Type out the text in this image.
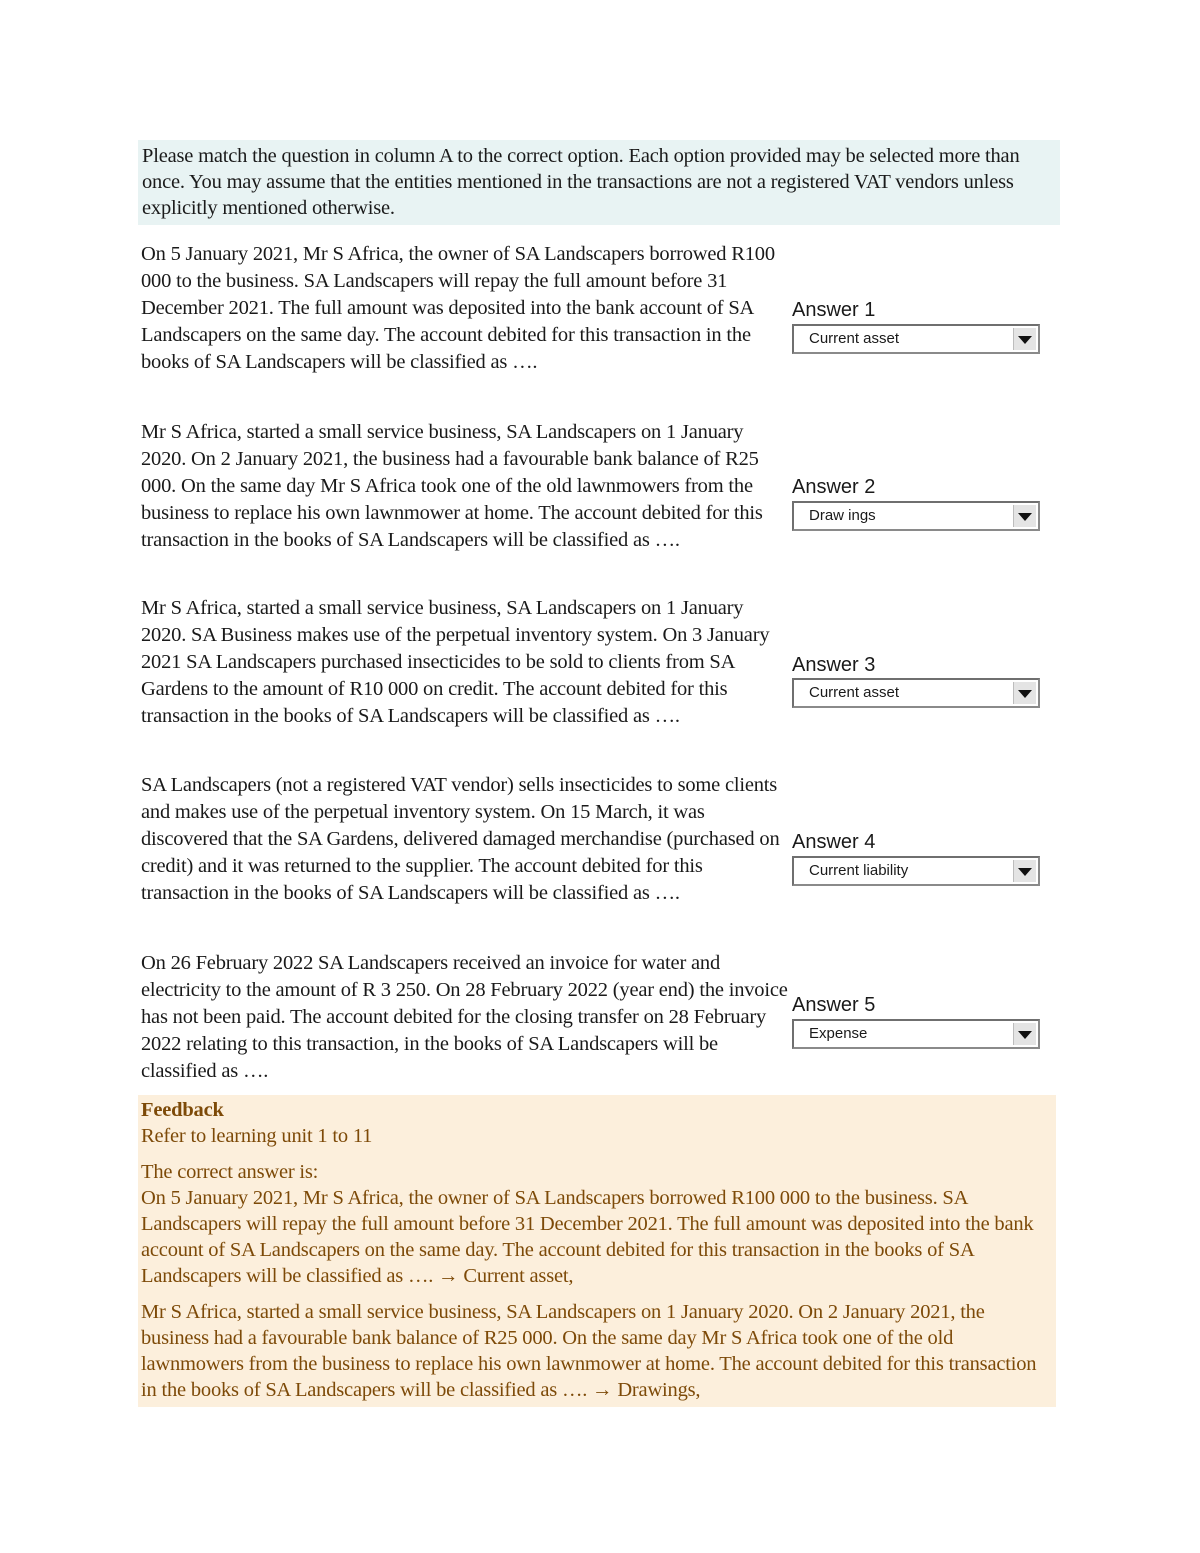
Please match the question in column A to the correct option. Each option provided may be selected more than once. You may assume that the entities mentioned in the transactions are not a registered VAT vendors unless explicitly mentioned otherwise.
On 5 January 2021, Mr S Africa, the owner of SA Landscapers borrowed R100 000 to the business. SA Landscapers will repay the full amount before 31 December 2021. The full amount was deposited into the bank account of SA Landscapers on the same day. The account debited for this transaction in the books of SA Landscapers will be classified as ….
Answer 1
Current asset
Mr S Africa, started a small service business, SA Landscapers on 1 January 2020. On 2 January 2021, the business had a favourable bank balance of R25 000. On the same day Mr S Africa took one of the old lawnmowers from the business to replace his own lawnmower at home. The account debited for this transaction in the books of SA Landscapers will be classified as ….
Answer 2
Draw ings
Mr S Africa, started a small service business, SA Landscapers on 1 January 2020. SA Business makes use of the perpetual inventory system. On 3 January 2021 SA Landscapers purchased insecticides to be sold to clients from SA Gardens to the amount of R10 000 on credit. The account debited for this transaction in the books of SA Landscapers will be classified as ….
Answer 3
Current asset
SA Landscapers (not a registered VAT vendor) sells insecticides to some clients and makes use of the perpetual inventory system. On 15 March, it was discovered that the SA Gardens, delivered damaged merchandise (purchased on credit) and it was returned to the supplier. The account debited for this transaction in the books of SA Landscapers will be classified as ….
Answer 4
Current liability
On 26 February 2022 SA Landscapers received an invoice for water and electricity to the amount of R 3 250. On 28 February 2022 (year end) the invoice has not been paid. The account debited for the closing transfer on 28 February 2022 relating to this transaction, in the books of SA Landscapers will be classified as ….
Answer 5
Expense

Feedback

Refer to learning unit 1 to 11

The correct answer is:

On 5 January 2021, Mr S Africa, the owner of SA Landscapers borrowed R100 000 to the business. SA Landscapers will repay the full amount before 31 December 2021. The full amount was deposited into the bank account of SA Landscapers on the same day. The account debited for this transaction in the books of SA Landscapers will be classified as …. → Current asset,

Mr S Africa, started a small service business, SA Landscapers on 1 January 2020. On 2 January 2021, the business had a favourable bank balance of R25 000. On the same day Mr S Africa took one of the old lawnmowers from the business to replace his own lawnmower at home. The account debited for this transaction in the books of SA Landscapers will be classified as …. → Drawings,
